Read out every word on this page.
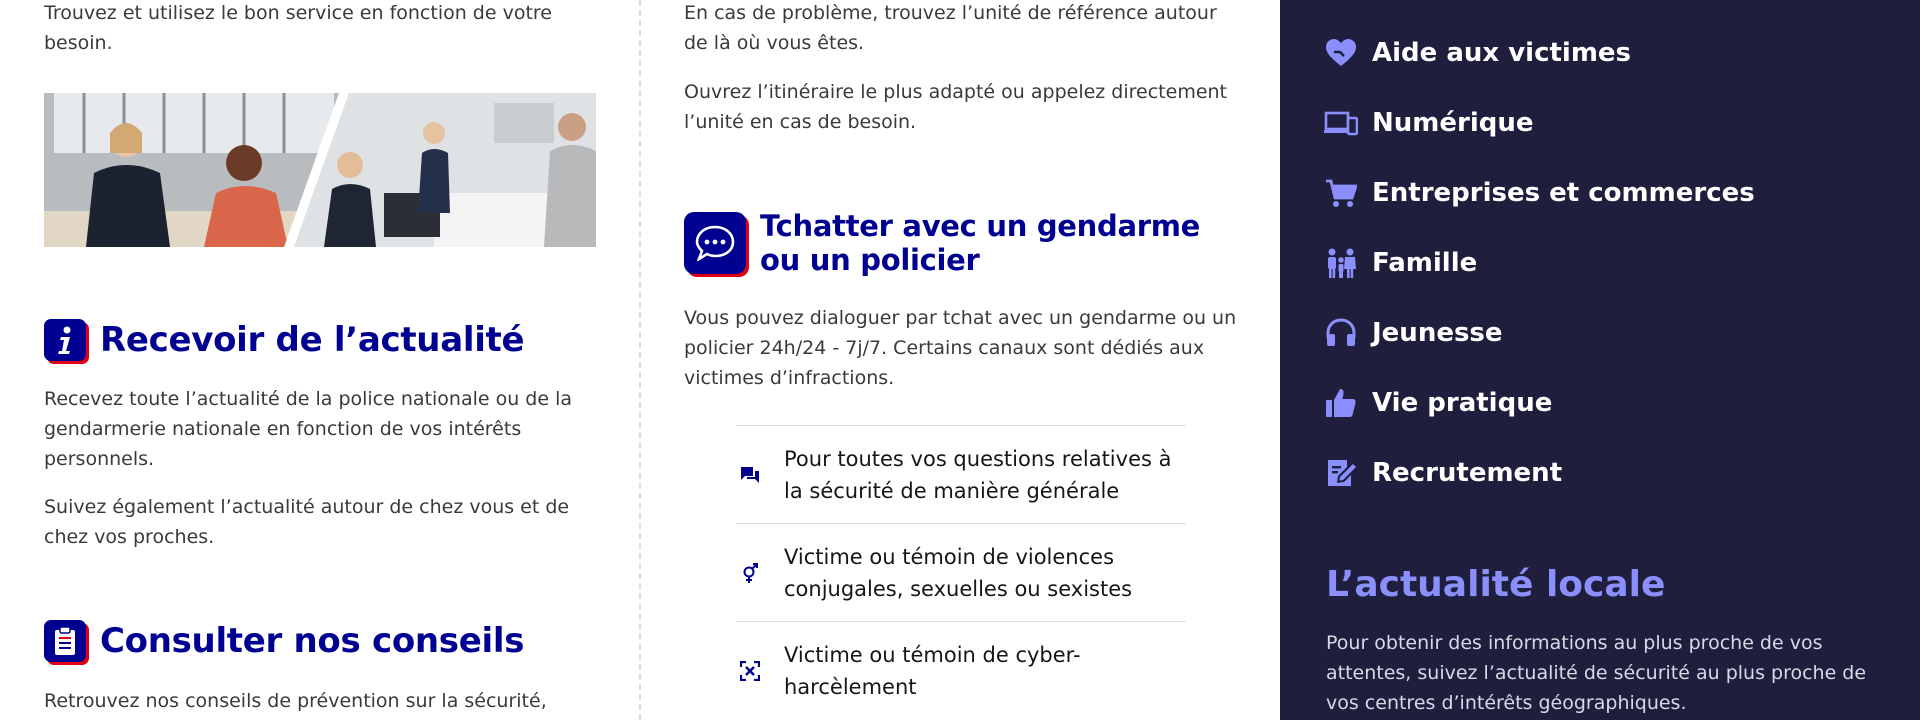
Trouvez et utilisez le bon service en fonction de votre besoin.

Recevoir de l’actualité

Recevez toute l’actualité de la police nationale ou de la gendarmerie nationale en fonction de vos intérêts personnels.

Suivez également l’actualité autour de chez vous et de chez vos proches.

Consulter nos conseils

Retrouvez nos conseils de prévention sur la sécurité,

En cas de problème, trouvez l’unité de référence autour de là où vous êtes.

Ouvrez l’itinéraire le plus adapté ou appelez directement l’unité en cas de besoin.

Tchatter avec un gendarme
ou un policier

Vous pouvez dialoguer par tchat avec un gendarme ou un policier 24h/24 - 7j/7. Certains canaux sont dédiés aux victimes d’infractions.

Pour toutes vos questions relatives à
la sécurité de manière générale
Victime ou témoin de violences
conjugales, sexuelles ou sexistes
Victime ou témoin de cyber-
harcèlement
Aide aux victimes
Numérique
Entreprises et commerces
Famille
Jeunesse
Vie pratique
Recrutement
L’actualité locale

Pour obtenir des informations au plus proche de vos attentes, suivez l’actualité de sécurité au plus proche de vos centres d’intérêts géographiques.
